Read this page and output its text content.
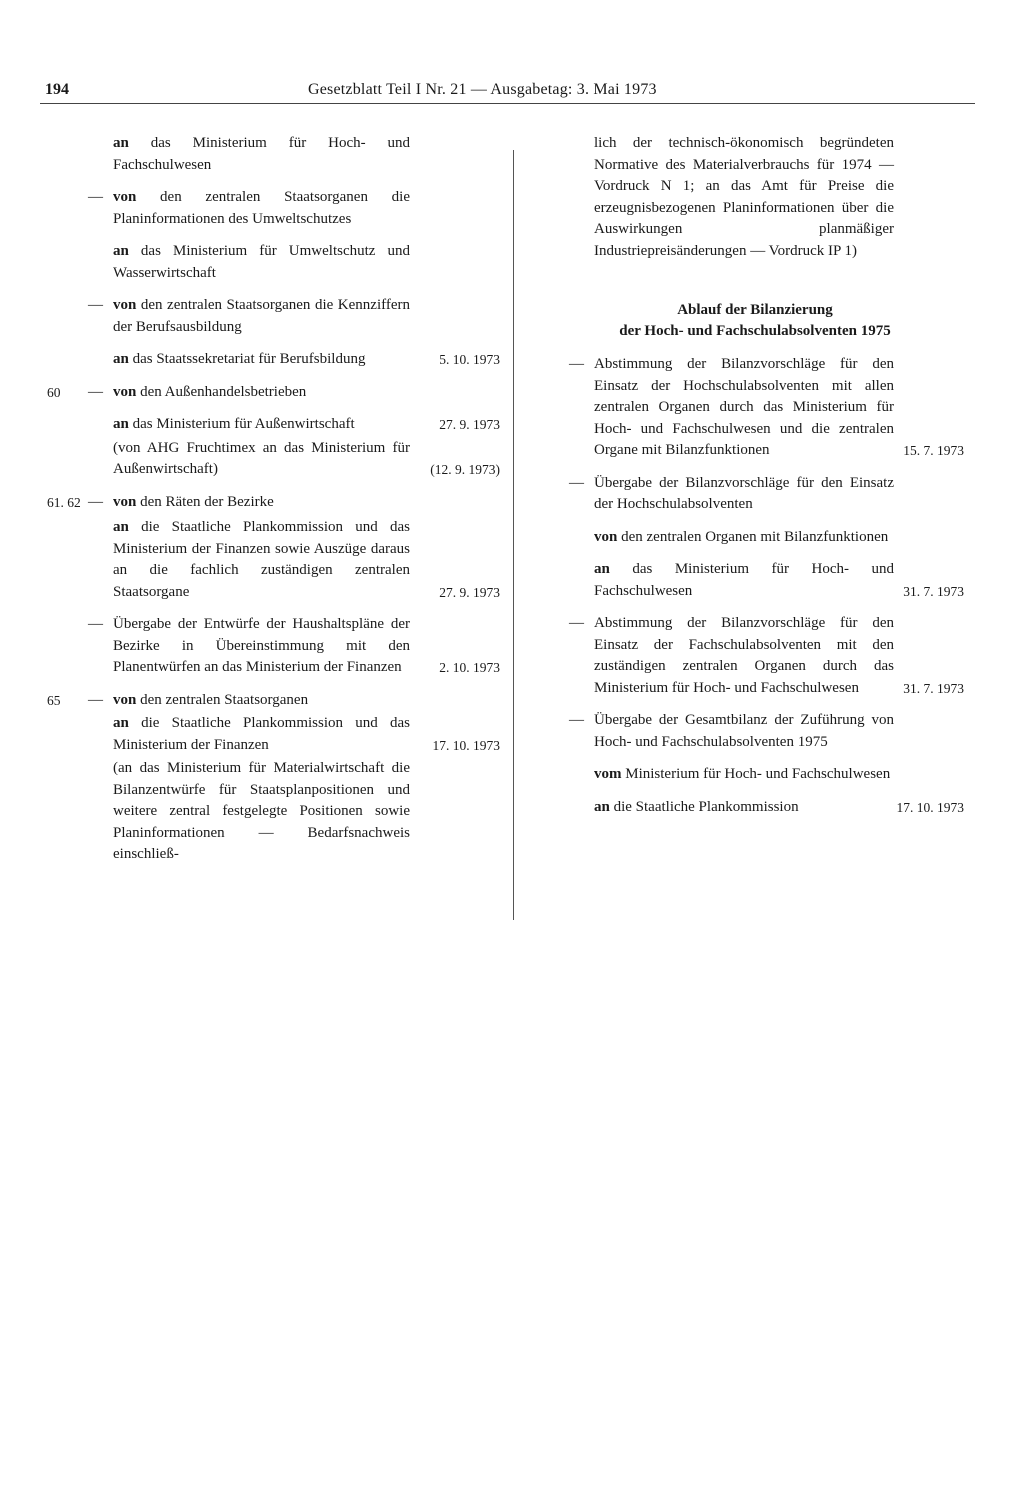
194	Gesetzblatt Teil I Nr. 21 — Ausgabetag: 3. Mai 1973
an das Ministerium für Hoch- und Fachschulwesen
— von den zentralen Staatsorganen die Planinformationen des Umweltschutzes
an das Ministerium für Umweltschutz und Wasserwirtschaft
— von den zentralen Staatsorganen die Kennziffern der Berufsausbildung
an das Staatssekretariat für Berufsbildung	5. 10. 1973
60 — von den Außenhandelsbetrieben
an das Ministerium für Außenwirtschaft	27. 9. 1973
(von AHG Fruchtimex an das Ministerium für Außenwirtschaft)	(12. 9. 1973)
61. 62 — von den Räten der Bezirke
an die Staatliche Plankommission und das Ministerium der Finanzen sowie Auszüge daraus an die fachlich zuständigen zentralen Staatsorgane	27. 9. 1973
— Übergabe der Entwürfe der Haushaltspläne der Bezirke in Übereinstimmung mit den Planentwürfen an das Ministerium der Finanzen	2. 10. 1973
65 — von den zentralen Staatsorganen
an die Staatliche Plankommission und das Ministerium der Finanzen	17. 10. 1973
(an das Ministerium für Materialwirtschaft die Bilanzentwürfe für Staatsplanpositionen und weitere zentral festgelegte Positionen sowie Planinformationen — Bedarfsnachweis einschließ-
lich der technisch-ökonomisch begründeten Normative des Materialverbrauchs für 1974 — Vordruck N 1; an das Amt für Preise die erzeugnisbezogenen Planinformationen über die Auswirkungen planmäßiger Industriepreisänderungen — Vordruck IP 1)
Ablauf der Bilanzierung
der Hoch- und Fachschulabsolventen 1975
— Abstimmung der Bilanzvorschläge für den Einsatz der Hochschulabsolventen mit allen zentralen Organen durch das Ministerium für Hoch- und Fachschulwesen und die zentralen Organe mit Bilanzfunktionen	15. 7. 1973
— Übergabe der Bilanzvorschläge für den Einsatz der Hochschulabsolventen
von den zentralen Organen mit Bilanzfunktionen
an das Ministerium für Hoch- und Fachschulwesen	31. 7. 1973
— Abstimmung der Bilanzvorschläge für den Einsatz der Fachschulabsolventen mit den zuständigen zentralen Organen durch das Ministerium für Hoch- und Fachschulwesen	31. 7. 1973
— Übergabe der Gesamtbilanz der Zuführung von Hoch- und Fachschulabsolventen 1975
vom Ministerium für Hoch- und Fachschulwesen
an die Staatliche Plankommission	17. 10. 1973
